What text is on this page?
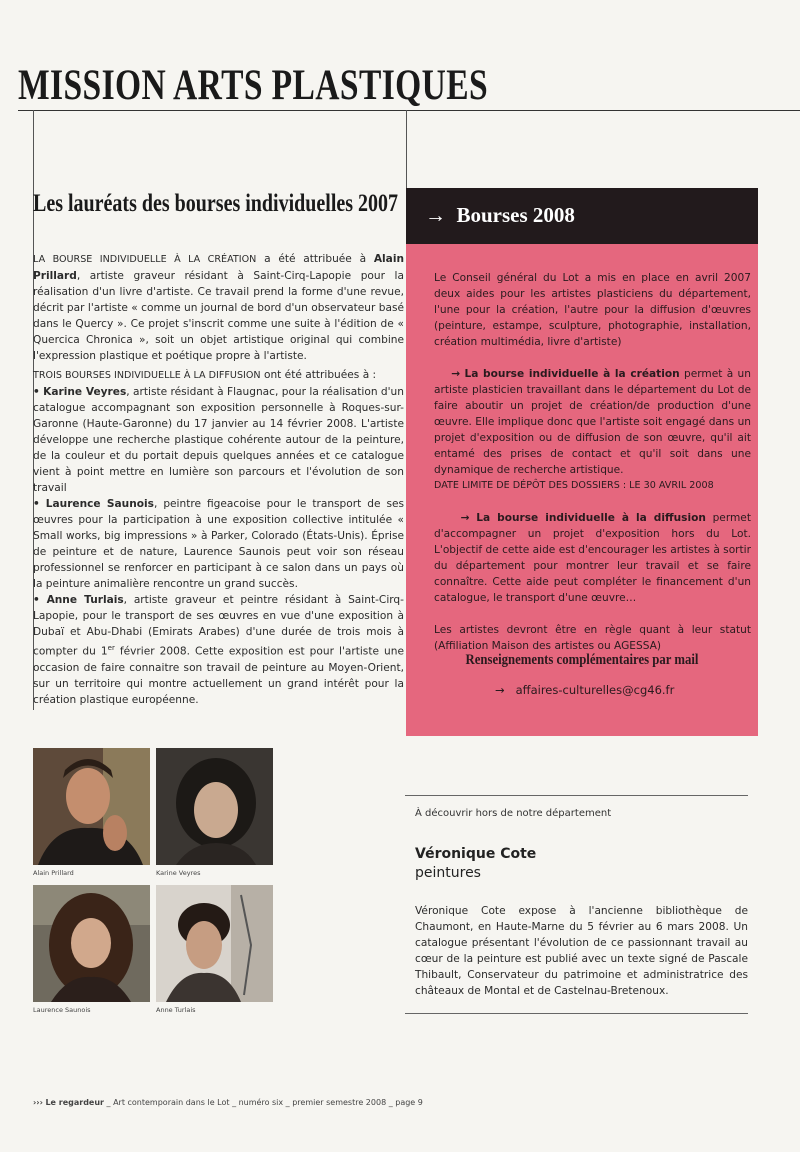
MISSION ARTS PLASTIQUES
Les lauréats des bourses individuelles 2007

LA BOURSE INDIVIDUELLE À LA CRÉATION a été attribuée à Alain Prillard, artiste graveur résidant à Saint-Cirq-Lapopie pour la réalisation d'un livre d'artiste. Ce travail prend la forme d'une revue, décrit par l'artiste « comme un journal de bord d'un observateur basé dans le Quercy ». Ce projet s'inscrit comme une suite à l'édition de « Quercica Chronica », soit un objet artistique original qui combine l'expression plastique et poétique propre à l'artiste.

TROIS BOURSES INDIVIDUELLE À LA DIFFUSION ont été attribuées à :

• Karine Veyres, artiste résidant à Flaugnac, pour la réalisation d'un catalogue accompagnant son exposition personnelle à Roques-sur-Garonne (Haute-Garonne) du 17 janvier au 14 février 2008. L'artiste développe une recherche plastique cohérente autour de la peinture, de la couleur et du portait depuis quelques années et ce catalogue vient à point mettre en lumière son parcours et l'évolution de son travail

• Laurence Saunois, peintre figeacoise pour le transport de ses œuvres pour la participation à une exposition collective intitulée « Small works, big impressions » à Parker, Colorado (États-Unis). Éprise de peinture et de nature, Laurence Saunois peut voir son réseau professionnel se renforcer en participant à ce salon dans un pays où la peinture animalière rencontre un grand succès.

• Anne Turlais, artiste graveur et peintre résidant à Saint-Cirq-Lapopie, pour le transport de ses œuvres en vue d'une exposition à Dubaï et Abu-Dhabi (Emirats Arabes) d'une durée de trois mois à compter du 1er février 2008. Cette exposition est pour l'artiste une occasion de faire connaitre son travail de peinture au Moyen-Orient, sur un territoire qui montre actuellement un grand intérêt pour la création plastique européenne.

Alain Prillard	Karine Veyres
Laurence Saunois	Anne Turlais
→ Bourses 2008

Le Conseil général du Lot a mis en place en avril 2007 deux aides pour les artistes plasticiens du département, l'une pour la création, l'autre pour la diffusion d'œuvres (peinture, estampe, sculpture, photographie, installation, création multimédia, livre d'artiste)

→ La bourse individuelle à la création permet à un artiste plasticien travaillant dans le département du Lot de faire aboutir un projet de création/de production d'une œuvre. Elle implique donc que l'artiste soit engagé dans un projet d'exposition ou de diffusion de son œuvre, qu'il ait entamé des prises de contact et qu'il soit dans une dynamique de recherche artistique.

DATE LIMITE DE DÉPÔT DES DOSSIERS : LE 30 AVRIL 2008

→ La bourse individuelle à la diffusion permet d'accompagner un projet d'exposition hors du Lot. L'objectif de cette aide est d'encourager les artistes à sortir du département pour montrer leur travail et se faire connaître. Cette aide peut compléter le financement d'un catalogue, le transport d'une œuvre…

Les artistes devront être en règle quant à leur statut (Affiliation Maison des artistes ou AGESSA)

Renseignements complémentaires par mail
→ affaires-culturelles@cg46.fr
À découvrir hors de notre département
Véronique Cote
peintures

Véronique Cote expose à l'ancienne bibliothèque de Chaumont, en Haute-Marne du 5 février au 6 mars 2008. Un catalogue présentant l'évolution de ce passionnant travail au cœur de la peinture est publié avec un texte signé de Pascale Thibault, Conservateur du patrimoine et administratrice des châteaux de Montal et de Castelnau-Bretenoux.

››› Le regardeur _ Art contemporain dans le Lot _ numéro six _ premier semestre 2008 _ page 9
